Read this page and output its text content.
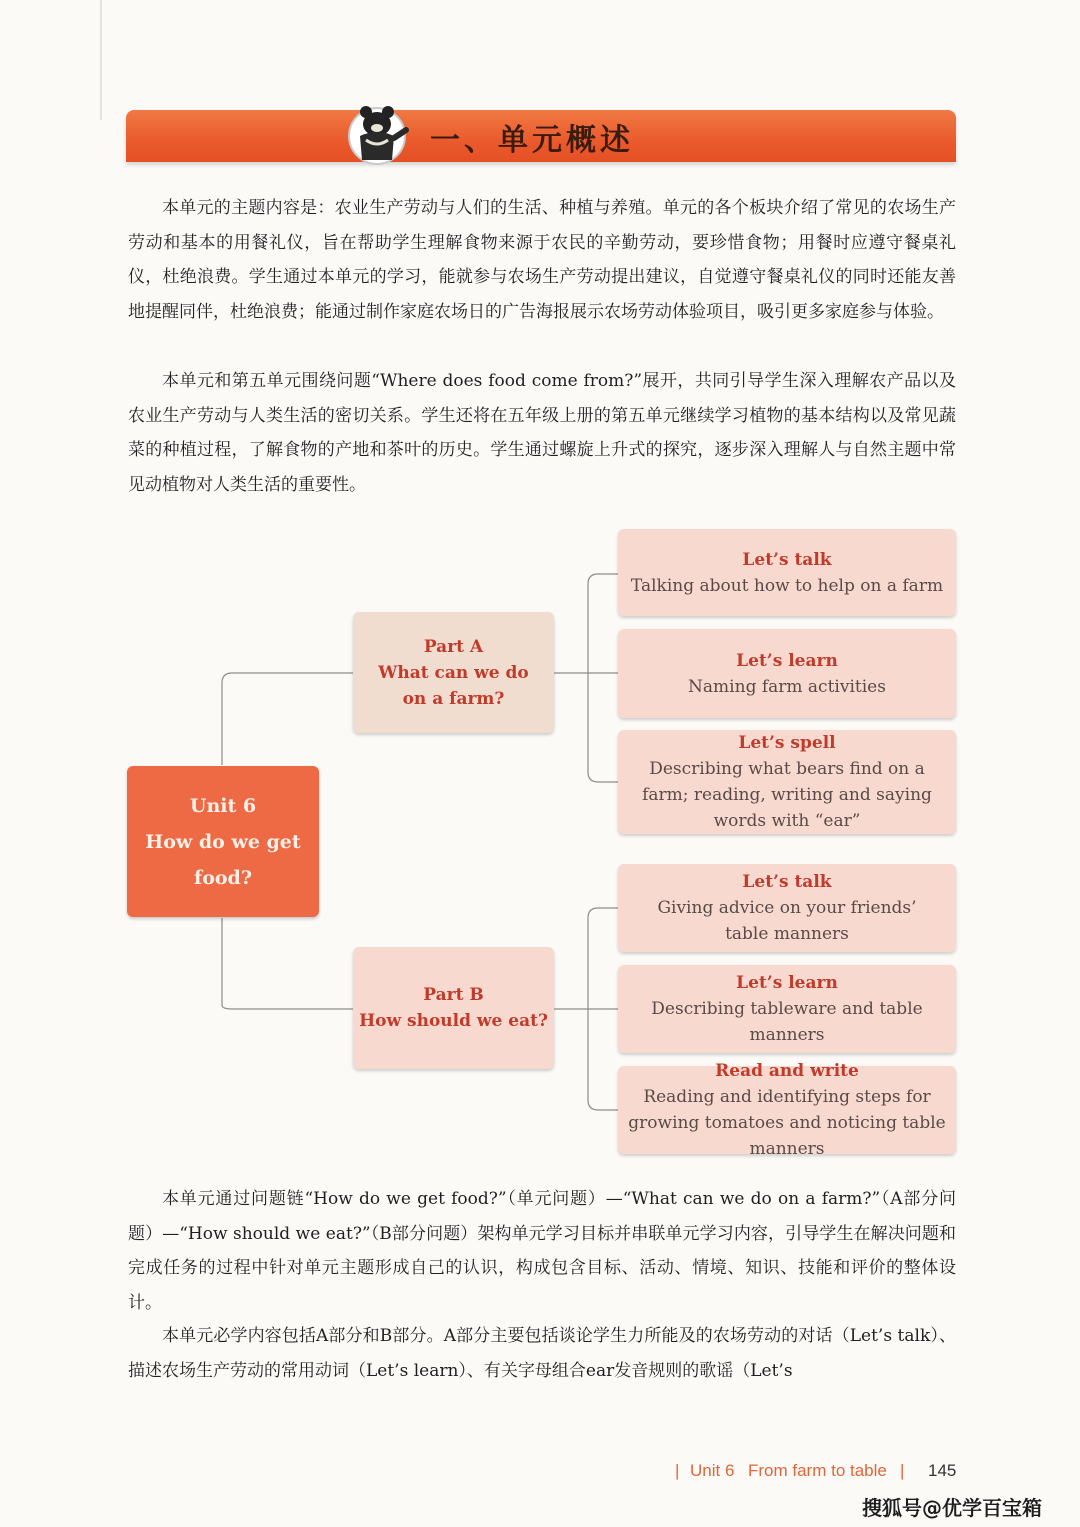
一、单元概述
本单元的主题内容是：农业生产劳动与人们的生活、种植与养殖。单元的各个板块介绍了常见的农场生产劳动和基本的用餐礼仪，旨在帮助学生理解食物来源于农民的辛勤劳动，要珍惜食物；用餐时应遵守餐桌礼仪，杜绝浪费。学生通过本单元的学习，能就参与农场生产劳动提出建议，自觉遵守餐桌礼仪的同时还能友善地提醒同伴，杜绝浪费；能通过制作家庭农场日的广告海报展示农场劳动体验项目，吸引更多家庭参与体验。
本单元和第五单元围绕问题“Where does food come from?”展开，共同引导学生深入理解农产品以及农业生产劳动与人类生活的密切关系。学生还将在五年级上册的第五单元继续学习植物的基本结构以及常见蔬菜的种植过程，了解食物的产地和茶叶的历史。学生通过螺旋上升式的探究，逐步深入理解人与自然主题中常见动植物对人类生活的重要性。
Unit 6
How do we get
food?
Part A
What can we do on a farm?
Part B
How should we eat?
Let’s talk
Talking about how to help on a farm
Let’s learn
Naming farm activities
Let’s spell
Describing what bears find on a farm; reading, writing and saying words with “ear”
Let’s talk
Giving advice on your friends’ table manners
Let’s learn
Describing tableware and table manners
Read and write
Reading and identifying steps for growing tomatoes and noticing table manners
本单元通过问题链“How do we get food?”（单元问题）—“What can we do on a farm?”（A部分问题）—“How should we eat?”（B部分问题）架构单元学习目标并串联单元学习内容，引导学生在解决问题和完成任务的过程中针对单元主题形成自己的认识，构成包含目标、活动、情境、知识、技能和评价的整体设计。
本单元必学内容包括A部分和B部分。A部分主要包括谈论学生力所能及的农场劳动的对话（Let’s talk）、描述农场生产劳动的常用动词（Let’s learn）、有关字母组合ear发音规则的歌谣（Let’s
| Unit 6 From farm to table | 145
搜狐号@优学百宝箱
